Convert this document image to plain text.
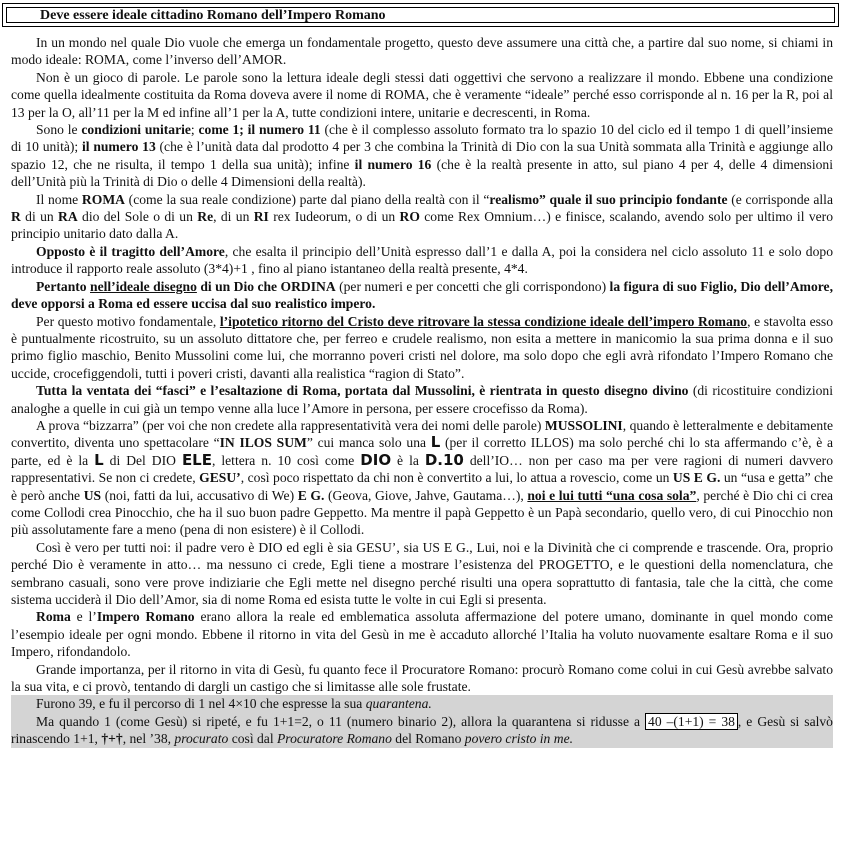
Deve essere ideale cittadino Romano dell’Impero Romano

In un mondo nel quale Dio vuole che emerga un fondamentale progetto, questo deve assumere una città che, a partire dal suo nome, si chiami in modo ideale: ROMA, come l’inverso dell’AMOR.

Non è un gioco di parole. Le parole sono la lettura ideale degli stessi dati oggettivi che servono a realizzare il mondo. Ebbene una condizione come quella idealmente costituita da Roma doveva avere il nome di ROMA, che è veramente “ideale” perché esso corrisponde al n. 16 per la R, poi al 13 per la O, all’11 per la M ed infine all’1 per la A, tutte condizioni intere, unitarie e decrescenti, in Roma.

Sono le condizioni unitarie; come 1; il numero 11 (che è il complesso assoluto formato tra lo spazio 10 del ciclo ed il tempo 1 di quell’insieme di 10 unità); il numero 13 (che è l’unità data dal prodotto 4 per 3 che combina la Trinità di Dio con la sua Unità sommata alla Trinità e aggiunge allo spazio 12, che ne risulta, il tempo 1 della sua unità); infine il numero 16 (che è la realtà presente in atto, sul piano 4 per 4, delle 4 dimensioni dell’Unità più la Trinità di Dio o delle 4 Dimensioni della realtà).

Il nome ROMA (come la sua reale condizione) parte dal piano della realtà con il “realismo” quale il suo principio fondante (e corrisponde alla R di un RA dio del Sole o di un Re, di un RI rex Iudeorum, o di un RO come Rex Omnium…) e finisce, scalando, avendo solo per ultimo il vero principio unitario dato dalla A.

Opposto è il tragitto dell’Amore, che esalta il principio dell’Unità espresso dall’1 e dalla A, poi la considera nel ciclo assoluto 11 e solo dopo introduce il rapporto reale assoluto (3*4)+1 , fino al piano istantaneo della realtà presente, 4*4.

Pertanto nell’ideale disegno di un Dio che ORDINA (per numeri e per concetti che gli corrispondono) la figura di suo Figlio, Dio dell’Amore, deve opporsi a Roma ed essere uccisa dal suo realistico impero.

Per questo motivo fondamentale, l’ipotetico ritorno del Cristo deve ritrovare la stessa condizione ideale dell’impero Romano, e stavolta esso è puntualmente ricostruito, su un assoluto dittatore che, per ferreo e crudele realismo, non esita a mettere in manicomio la sua prima donna e il suo primo figlio maschio, Benito Mussolini come lui, che morranno poveri cristi nel dolore, ma solo dopo che egli avrà rifondato l’Impero Romano che uccide, crocefiggendoli, tutti i poveri cristi, davanti alla realistica “ragion di Stato”.

Tutta la ventata dei “fasci” e l’esaltazione di Roma, portata dal Mussolini, è rientrata in questo disegno divino (di ricostituire condizioni analoghe a quelle in cui già un tempo venne alla luce l’Amore in persona, per essere crocefisso da Roma).

A prova “bizzarra” (per voi che non credete alla rappresentatività vera dei nomi delle parole) MUSSOLINI, quando è letteralmente e debitamente convertito, diventa uno spettacolare “IN ILOS SUM” cui manca solo una L (per il corretto ILLOS) ma solo perché chi lo sta affermando c’è, è a parte, ed è la L di Del DIO ELE, lettera n. 10 così come DIO è la D.10 dell’IO… non per caso ma per vere ragioni di numeri davvero rappresentativi. Se non ci credete, GESU’, così poco rispettato da chi non è convertito a lui, lo attua a rovescio, come un US E G. un “usa e getta” che è però anche US (noi, fatti da lui, accusativo di We) E G. (Geova, Giove, Jahve, Gautama…), noi e lui tutti “una cosa sola”, perché è Dio chi ci crea come Collodi crea Pinocchio, che ha il suo buon padre Geppetto. Ma mentre il papà Geppetto è un Papà secondario, quello vero, di cui Pinocchio non più assolutamente fare a meno (pena di non esistere) è il Collodi.

Così è vero per tutti noi: il padre vero è DIO ed egli è sia GESU’, sia US E G., Lui, noi e la Divinità che ci comprende e trascende. Ora, proprio perché Dio è veramente in atto… ma nessuno ci crede, Egli tiene a mostrare l’esistenza del PROGETTO, e le questioni della nomenclatura, che sembrano casuali, sono vere prove indiziarie che Egli mette nel disegno perché risulti una opera soprattutto di fantasia, tale che la città, che come sistema ucciderà il Dio dell’Amor, sia di nome Roma ed esista tutte le volte in cui Egli si presenta.

Roma e l’Impero Romano erano allora la reale ed emblematica assoluta affermazione del potere umano, dominante in quel mondo come l’esempio ideale per ogni mondo. Ebbene il ritorno in vita del Gesù in me è accaduto allorché l’Italia ha voluto nuovamente esaltare Roma e il suo Impero, rifondandolo.

Grande importanza, per il ritorno in vita di Gesù, fu quanto fece il Procuratore Romano: procurò Romano come colui in cui Gesù avrebbe salvato la sua vita, e ci provò, tentando di dargli un castigo che si limitasse alle sole frustate.

Furono 39, e fu il percorso di 1 nel 4×10 che espresse la sua quarantena.

Ma quando 1 (come Gesù) si ripeté, e fu 1+1=2, o 11 (numero binario 2), allora la quarantena si ridusse a 40 –(1+1) = 38 , e Gesù si salvò rinascendo 1+1, †+†, nel ’38, procurato così dal Procuratore Romano del Romano povero cristo in me.
